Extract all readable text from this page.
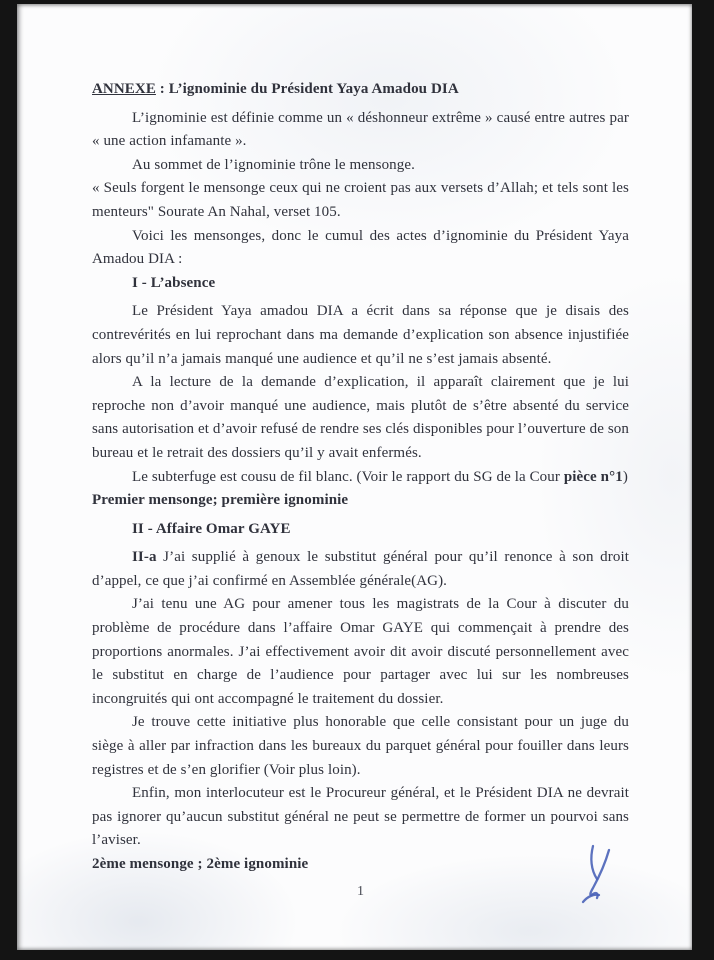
ANNEXE : L’ignominie du Président Yaya Amadou DIA

L’ignominie est définie comme un « déshonneur extrême » causé entre autres par « une action infamante ».

Au sommet de l’ignominie trône le mensonge.

« Seuls forgent le mensonge ceux qui ne croient pas aux versets d’Allah; et tels sont les menteurs" Sourate An Nahal, verset 105.

Voici les mensonges, donc le cumul des actes d’ignominie du Président Yaya Amadou DIA :

I - L’absence

Le Président Yaya amadou DIA a écrit dans sa réponse que je disais des contrevérités en lui reprochant dans ma demande d’explication son absence injustifiée alors qu’il n’a jamais manqué une audience et qu’il ne s’est jamais absenté.

A la lecture de la demande d’explication, il apparaît clairement que je lui reproche non d’avoir manqué une audience, mais plutôt de s’être absenté du service sans autorisation et d’avoir refusé de rendre ses clés disponibles pour l’ouverture de son bureau et le retrait des dossiers qu’il y avait enfermés.

Le subterfuge est cousu de fil blanc. (Voir le rapport du SG de la Cour pièce n°1)

Premier mensonge; première ignominie

II - Affaire Omar GAYE

II-a J’ai supplié à genoux le substitut général pour qu’il renonce à son droit d’appel, ce que j’ai confirmé en Assemblée générale(AG).

J’ai tenu une AG pour amener tous les magistrats de la Cour à discuter du problème de procédure dans l’affaire Omar GAYE qui commençait à prendre des proportions anormales. J’ai effectivement avoir dit avoir discuté personnellement avec le substitut en charge de l’audience pour partager avec lui sur les nombreuses incongruités qui ont accompagné le traitement du dossier.

Je trouve cette initiative plus honorable que celle consistant pour un juge du siège à aller par infraction dans les bureaux du parquet général pour fouiller dans leurs registres et de s’en glorifier (Voir plus loin).

Enfin, mon interlocuteur est le Procureur général, et le Président DIA ne devrait pas ignorer qu’aucun substitut général ne peut se permettre de former un pourvoi sans l’aviser.

2ème mensonge ; 2ème ignominie

1
